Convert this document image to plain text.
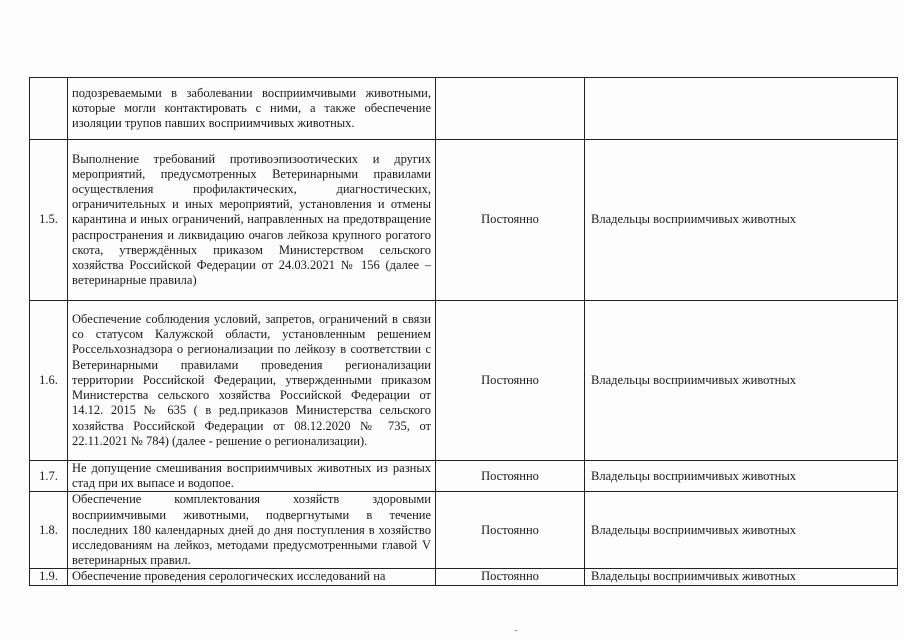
	подозреваемыми в заболевании восприимчивыми животными, которые могли контактировать с ними, а также обеспечение изоляции трупов павших восприимчивых животных.		

1.5.	Выполнение требований противоэпизоотических и других мероприятий, предусмотренных Ветеринарными правилами осуществления профилактических, диагностических, ограничительных и иных мероприятий, установления и отмены карантина и иных ограничений, направленных на предотвращение распространения и ликвидацию очагов лейкоза крупного рогатого скота, утверждённых приказом Министерством сельского хозяйства Российской Федерации от 24.03.2021 № 156 (далее – ветеринарные правила)	Постоянно	Владельцы восприимчивых животных
1.6.	Обеспечение соблюдения условий, запретов, ограничений в связи со статусом Калужской области, установленным решением Россельхознадзора о регионализации по лейкозу в соответствии с Ветеринарными правилами проведения регионализации территории Российской Федерации, утвержденными приказом Министерства сельского хозяйства Российской Федерации от 14.12. 2015 № 635 ( в ред.приказов Министерства сельского хозяйства Российской Федерации от 08.12.2020 № 735, от 22.11.2021 № 784) (далее - решение о регионализации).	Постоянно	Владельцы восприимчивых животных
1.7.	Не допущение смешивания восприимчивых животных из разных стад при их выпасе и водопое.	Постоянно	Владельцы восприимчивых животных
1.8.	Обеспечение комплектования хозяйств здоровыми восприимчивыми животными, подвергнутыми в течение последних 180 календарных дней до дня поступления в хозяйство исследованиям на лейкоз, методами предусмотренными главой V ветеринарных правил.	Постоянно	Владельцы восприимчивых животных
1.9.	Обеспечение проведения серологических исследований на	Постоянно	Владельцы восприимчивых животных
